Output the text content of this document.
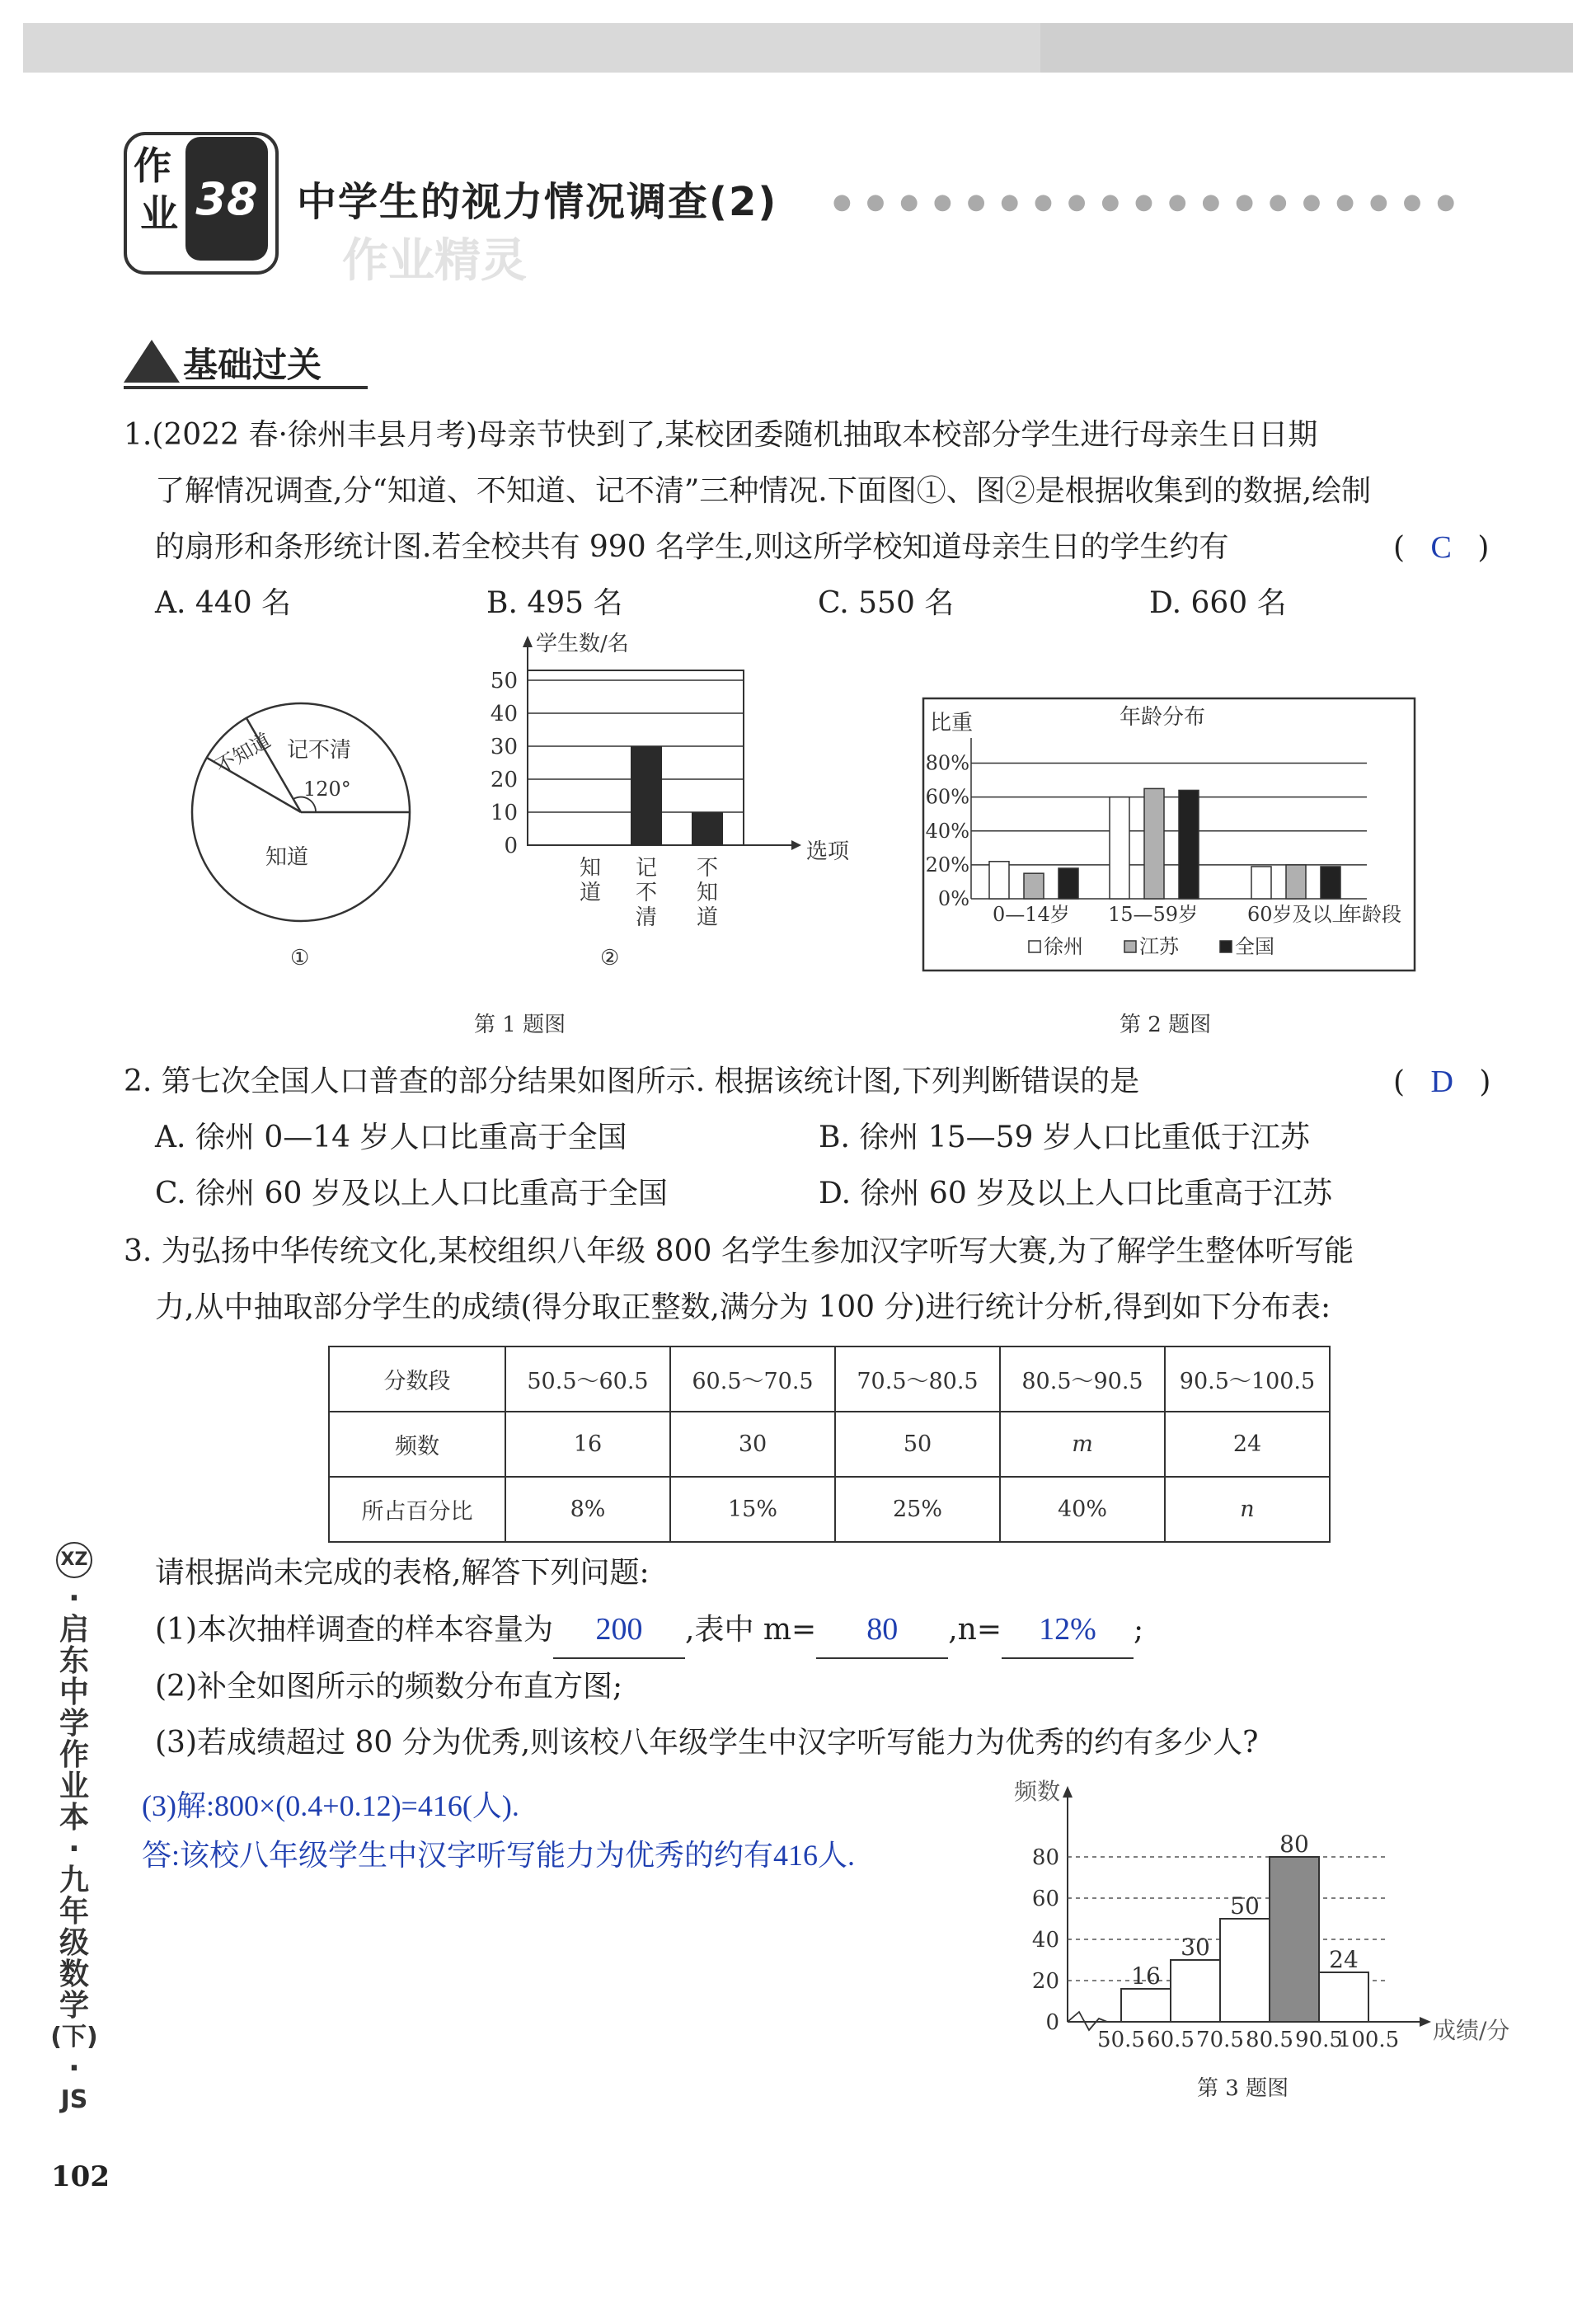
作
业 38 中学生的视力情况调查(2)	●●●●●●●●●●●●●●●●●●●
作业精灵
基础过关
1.(2022 春·徐州丰县月考)母亲节快到了,某校团委随机抽取本校部分学生进行母亲生日日期
了解情况调查,分“知道、不知道、记不清”三种情况.下面图①、图②是根据收集到的数据,绘制
的扇形和条形统计图.若全校共有 990 名学生,则这所学校知道母亲生日的学生约有	( C )
A. 440 名	B. 495 名	C. 550 名	D. 660 名
不知道 记不清
120°
知道
①
学生数/名
选项
0
10
20
30
40
50
知
道
记
不
清
不
知
道
②
第 1 题图
比重	年龄分布
0%
20%
40%
60%
80%
0—14岁 15—59岁 60岁及以上
年龄段
徐州	江苏	全国
第 2 题图
2. 第七次全国人口普查的部分结果如图所示. 根据该统计图,下列判断错误的是	( D )
A. 徐州 0—14 岁人口比重高于全国	B. 徐州 15—59 岁人口比重低于江苏
C. 徐州 60 岁及以上人口比重高于全国	D. 徐州 60 岁及以上人口比重高于江苏
3. 为弘扬中华传统文化,某校组织八年级 800 名学生参加汉字听写大赛,为了解学生整体听写能
力,从中抽取部分学生的成绩(得分取正整数,满分为 100 分)进行统计分析,得到如下分布表:
分数段	50.5～60.5	60.5～70.5	70.5～80.5	80.5～90.5	90.5～100.5
频数	16	30	50	m	24
所占百分比	8%	15%	25%	40%	n
请根据尚未完成的表格,解答下列问题:
(1)本次抽样调查的样本容量为 200 ,表中 m= 80 ,n= 12% ;
(2)补全如图所示的频数分布直方图;
(3)若成绩超过 80 分为优秀,则该校八年级学生中汉字听写能力为优秀的约有多少人?
(3)解:800×(0.4+0.12)=416(人).
答:该校八年级学生中汉字听写能力为优秀的约有416人.
频数
成绩/分
0
20
40
60
80
16
30
50
80
24
50.5 60.5 70.5 80.5 90.5
100.5
第 3 题图
XZ
·
启
东
中
学
作
业
本
·
九
年
级
数
学
(下)
·
JS
102
